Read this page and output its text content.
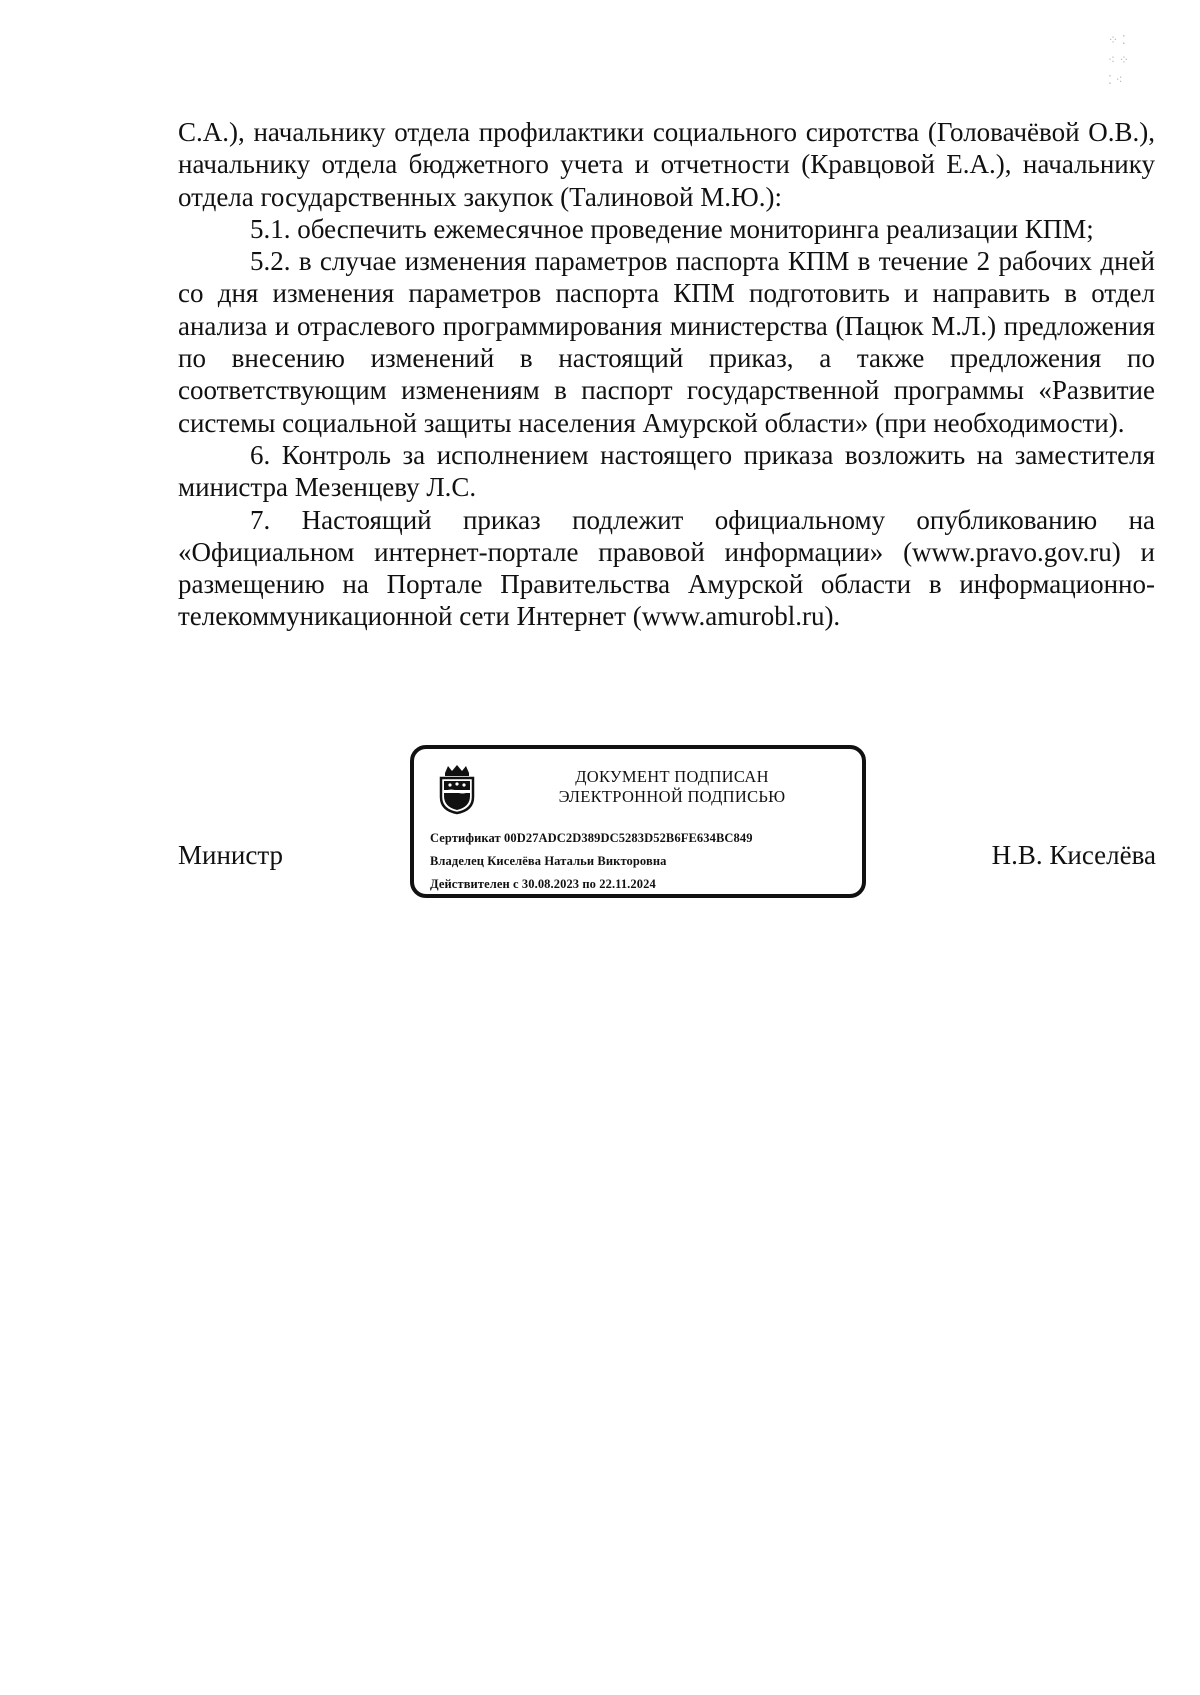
⁘ ⁚
⁖ ⁘
⁚ ⁖

С.А.), начальнику отдела профилактики социального сиротства (Головачёвой О.В.), начальнику отдела бюджетного учета и отчетности (Кравцовой Е.А.), начальнику отдела государственных закупок (Талиновой М.Ю.):

5.1. обеспечить ежемесячное проведение мониторинга реализации КПМ;

5.2. в случае изменения параметров паспорта КПМ в течение 2 рабочих дней со дня изменения параметров паспорта КПМ подготовить и направить в отдел анализа и отраслевого программирования министерства (Пацюк М.Л.) предложения по внесению изменений в настоящий приказ, а также предложения по соответствующим изменениям в паспорт государственной программы «Развитие системы социальной защиты населения Амурской области» (при необходимости).

6. Контроль за исполнением настоящего приказа возложить на заместителя министра Мезенцеву Л.С.

7. Настоящий приказ подлежит официальному опубликованию на «Официальном интернет-портале правовой информации» (www.pravo.gov.ru) и размещению на Портале Правительства Амурской области в информационно-телекоммуникационной сети Интернет (www.amurobl.ru).

Министр
ДОКУМЕНТ ПОДПИСАН
ЭЛЕКТРОННОЙ ПОДПИСЬЮ
Сертификат 00D27ADC2D389DC5283D52B6FE634BC849
Владелец Киселёва Натальи Викторовна
Действителен с 30.08.2023 по 22.11.2024
Н.В. Киселёва
